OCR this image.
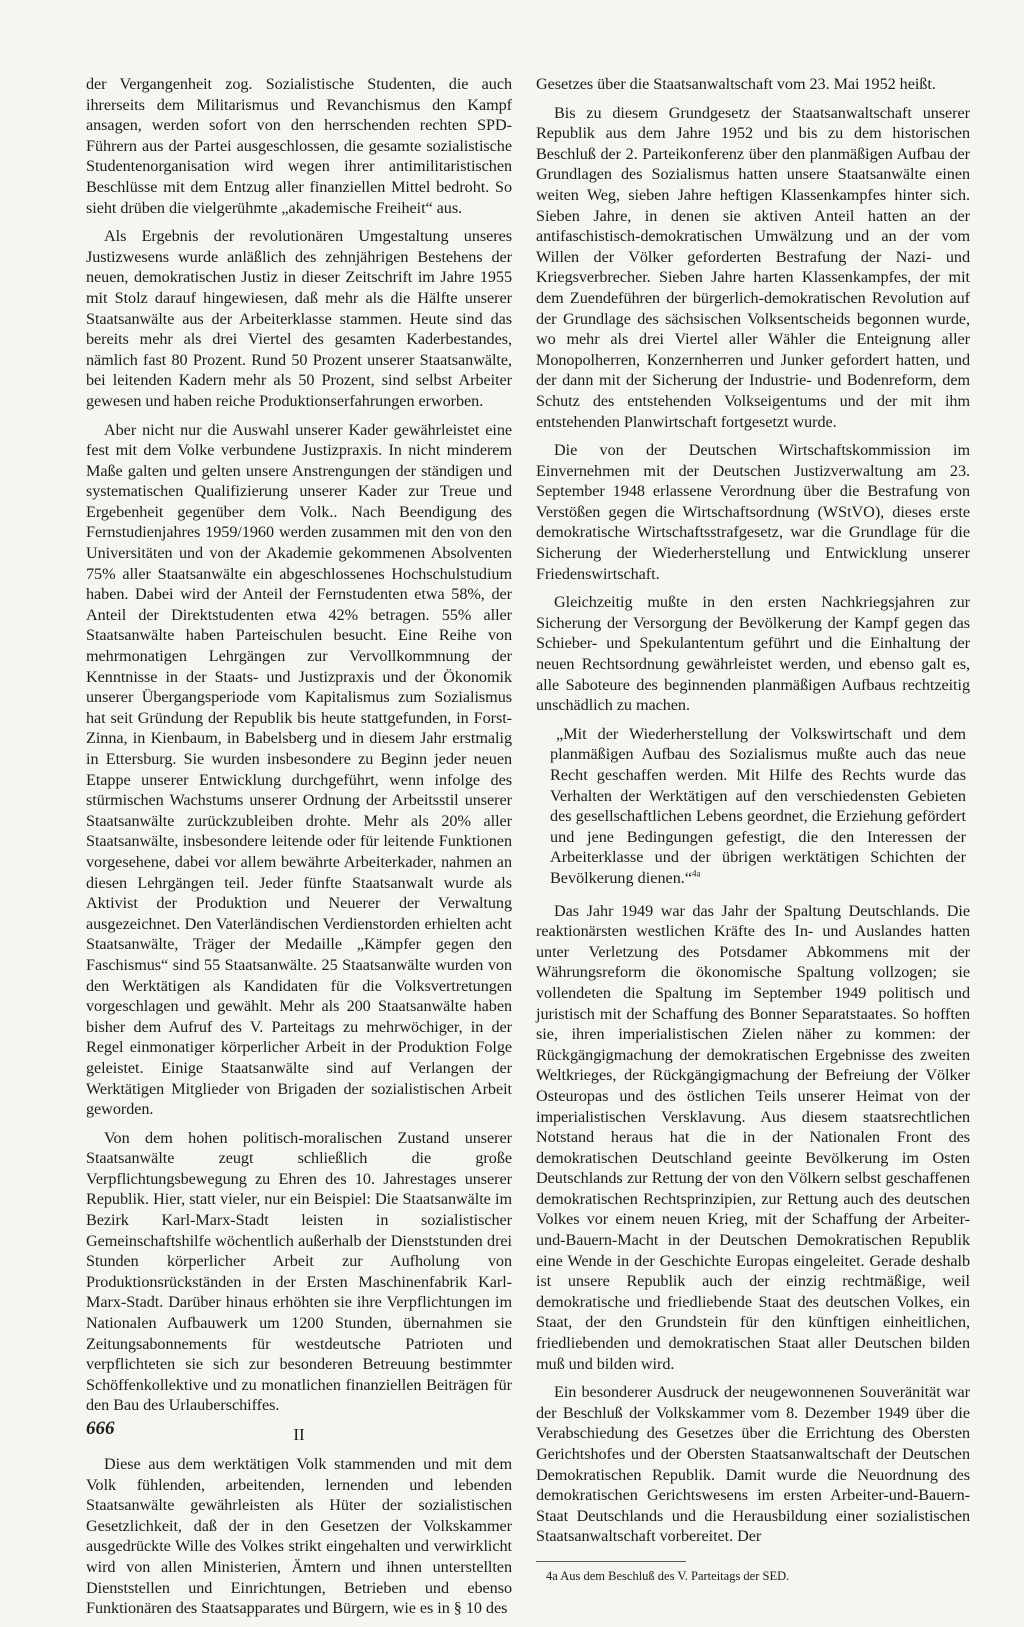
der Vergangenheit zog. Sozialistische Studenten, die auch ihrerseits dem Militarismus und Revanchismus den Kampf ansagen, werden sofort von den herrschenden rechten SPD-Führern aus der Partei ausgeschlossen, die gesamte sozialistische Studentenorganisation wird wegen ihrer antimilitaristischen Beschlüsse mit dem Entzug aller finanziellen Mittel bedroht. So sieht drüben die vielgerühmte „akademische Freiheit“ aus.

Als Ergebnis der revolutionären Umgestaltung unseres Justizwesens wurde anläßlich des zehnjährigen Bestehens der neuen, demokratischen Justiz in dieser Zeitschrift im Jahre 1955 mit Stolz darauf hingewiesen, daß mehr als die Hälfte unserer Staatsanwälte aus der Arbeiterklasse stammen. Heute sind das bereits mehr als drei Viertel des gesamten Kaderbestandes, nämlich fast 80 Prozent. Rund 50 Prozent unserer Staatsanwälte, bei leitenden Kadern mehr als 50 Prozent, sind selbst Arbeiter gewesen und haben reiche Produktionserfahrungen erworben.

Aber nicht nur die Auswahl unserer Kader gewährleistet eine fest mit dem Volke verbundene Justizpraxis. In nicht minderem Maße galten und gelten unsere Anstrengungen der ständigen und systematischen Qualifizierung unserer Kader zur Treue und Ergebenheit gegenüber dem Volk.. Nach Beendigung des Fernstudienjahres 1959/1960 werden zusammen mit den von den Universitäten und von der Akademie gekommenen Absolventen 75% aller Staatsanwälte ein abgeschlossenes Hochschulstudium haben. Dabei wird der Anteil der Fernstudenten etwa 58%, der Anteil der Direktstudenten etwa 42% betragen. 55% aller Staatsanwälte haben Parteischulen besucht. Eine Reihe von mehrmonatigen Lehrgängen zur Vervollkommnung der Kenntnisse in der Staats- und Justizpraxis und der Ökonomik unserer Übergangsperiode vom Kapitalismus zum Sozialismus hat seit Gründung der Republik bis heute stattgefunden, in Forst-Zinna, in Kienbaum, in Babelsberg und in diesem Jahr erstmalig in Ettersburg. Sie wurden insbesondere zu Beginn jeder neuen Etappe unserer Entwicklung durchgeführt, wenn infolge des stürmischen Wachstums unserer Ordnung der Arbeitsstil unserer Staatsanwälte zurückzubleiben drohte. Mehr als 20% aller Staatsanwälte, insbesondere leitende oder für leitende Funktionen vorgesehene, dabei vor allem bewährte Arbeiterkader, nahmen an diesen Lehrgängen teil. Jeder fünfte Staatsanwalt wurde als Aktivist der Produktion und Neuerer der Verwaltung ausgezeichnet. Den Vaterländischen Verdienstorden erhielten acht Staatsanwälte, Träger der Medaille „Kämpfer gegen den Faschismus“ sind 55 Staatsanwälte. 25 Staatsanwälte wurden von den Werktätigen als Kandidaten für die Volksvertretungen vorgeschlagen und gewählt. Mehr als 200 Staatsanwälte haben bisher dem Aufruf des V. Parteitags zu mehrwöchiger, in der Regel einmonatiger körperlicher Arbeit in der Produktion Folge geleistet. Einige Staatsanwälte sind auf Verlangen der Werktätigen Mitglieder von Brigaden der sozialistischen Arbeit geworden.

Von dem hohen politisch-moralischen Zustand unserer Staatsanwälte zeugt schließlich die große Verpflichtungsbewegung zu Ehren des 10. Jahrestages unserer Republik. Hier, statt vieler, nur ein Beispiel: Die Staatsanwälte im Bezirk Karl-Marx-Stadt leisten in sozialistischer Gemeinschaftshilfe wöchentlich außerhalb der Dienststunden drei Stunden körperlicher Arbeit zur Aufholung von Produktionsrückständen in der Ersten Maschinenfabrik Karl-Marx-Stadt. Darüber hinaus erhöhten sie ihre Verpflichtungen im Nationalen Aufbauwerk um 1200 Stunden, übernahmen sie Zeitungsabonnements für westdeutsche Patrioten und verpflichteten sie sich zur besonderen Betreuung bestimmter Schöffenkollektive und zu monatlichen finanziellen Beiträgen für den Bau des Urlauberschiffes.

II

Diese aus dem werktätigen Volk stammenden und mit dem Volk fühlenden, arbeitenden, lernenden und lebenden Staatsanwälte gewährleisten als Hüter der sozialistischen Gesetzlichkeit, daß der in den Gesetzen der Volkskammer ausgedrückte Wille des Volkes strikt eingehalten und verwirklicht wird von allen Ministerien, Ämtern und ihnen unterstellten Dienststellen und Einrichtungen, Betrieben und ebenso Funktionären des Staatsapparates und Bürgern, wie es in § 10 des

Gesetzes über die Staatsanwaltschaft vom 23. Mai 1952 heißt.

Bis zu diesem Grundgesetz der Staatsanwaltschaft unserer Republik aus dem Jahre 1952 und bis zu dem historischen Beschluß der 2. Parteikonferenz über den planmäßigen Aufbau der Grundlagen des Sozialismus hatten unsere Staatsanwälte einen weiten Weg, sieben Jahre heftigen Klassenkampfes hinter sich. Sieben Jahre, in denen sie aktiven Anteil hatten an der antifaschistisch-demokratischen Umwälzung und an der vom Willen der Völker geforderten Bestrafung der Nazi- und Kriegsverbrecher. Sieben Jahre harten Klassenkampfes, der mit dem Zuendeführen der bürgerlich-demokratischen Revolution auf der Grundlage des sächsischen Volksentscheids begonnen wurde, wo mehr als drei Viertel aller Wähler die Enteignung aller Monopolherren, Konzernherren und Junker gefordert hatten, und der dann mit der Sicherung der Industrie- und Bodenreform, dem Schutz des entstehenden Volkseigentums und der mit ihm entstehenden Planwirtschaft fortgesetzt wurde.

Die von der Deutschen Wirtschaftskommission im Einvernehmen mit der Deutschen Justizverwaltung am 23. September 1948 erlassene Verordnung über die Bestrafung von Verstößen gegen die Wirtschaftsordnung (WStVO), dieses erste demokratische Wirtschaftsstrafgesetz, war die Grundlage für die Sicherung der Wiederherstellung und Entwicklung unserer Friedenswirtschaft.

Gleichzeitig mußte in den ersten Nachkriegsjahren zur Sicherung der Versorgung der Bevölkerung der Kampf gegen das Schieber- und Spekulantentum geführt und die Einhaltung der neuen Rechtsordnung gewährleistet werden, und ebenso galt es, alle Saboteure des beginnenden planmäßigen Aufbaus rechtzeitig unschädlich zu machen.

„Mit der Wiederherstellung der Volkswirtschaft und dem planmäßigen Aufbau des Sozialismus mußte auch das neue Recht geschaffen werden. Mit Hilfe des Rechts wurde das Verhalten der Werktätigen auf den verschiedensten Gebieten des gesellschaftlichen Lebens geordnet, die Erziehung gefördert und jene Bedingungen gefestigt, die den Interessen der Arbeiterklasse und der übrigen werktätigen Schichten der Bevölkerung dienen.“$^{4a}$

Das Jahr 1949 war das Jahr der Spaltung Deutschlands. Die reaktionärsten westlichen Kräfte des In- und Auslandes hatten unter Verletzung des Potsdamer Abkommens mit der Währungsreform die ökonomische Spaltung vollzogen; sie vollendeten die Spaltung im September 1949 politisch und juristisch mit der Schaffung des Bonner Separatstaates. So hofften sie, ihren imperialistischen Zielen näher zu kommen: der Rückgängigmachung der demokratischen Ergebnisse des zweiten Weltkrieges, der Rückgängigmachung der Befreiung der Völker Osteuropas und des östlichen Teils unserer Heimat von der imperialistischen Versklavung. Aus diesem staatsrechtlichen Notstand heraus hat die in der Nationalen Front des demokratischen Deutschland geeinte Bevölkerung im Osten Deutschlands zur Rettung der von den Völkern selbst geschaffenen demokratischen Rechtsprinzipien, zur Rettung auch des deutschen Volkes vor einem neuen Krieg, mit der Schaffung der Arbeiter-und-Bauern-Macht in der Deutschen Demokratischen Republik eine Wende in der Geschichte Europas eingeleitet. Gerade deshalb ist unsere Republik auch der einzig rechtmäßige, weil demokratische und friedliebende Staat des deutschen Volkes, ein Staat, der den Grundstein für den künftigen einheitlichen, friedliebenden und demokratischen Staat aller Deutschen bilden muß und bilden wird.

Ein besonderer Ausdruck der neugewonnenen Souveränität war der Beschluß der Volkskammer vom 8. Dezember 1949 über die Verabschiedung des Gesetzes über die Errichtung des Obersten Gerichtshofes und der Obersten Staatsanwaltschaft der Deutschen Demokratischen Republik. Damit wurde die Neuordnung des demokratischen Gerichtswesens im ersten Arbeiter-und-Bauern-Staat Deutschlands und die Herausbildung einer sozialistischen Staatsanwaltschaft vorbereitet. Der

4a Aus dem Beschluß des V. Parteitags der SED.

666
